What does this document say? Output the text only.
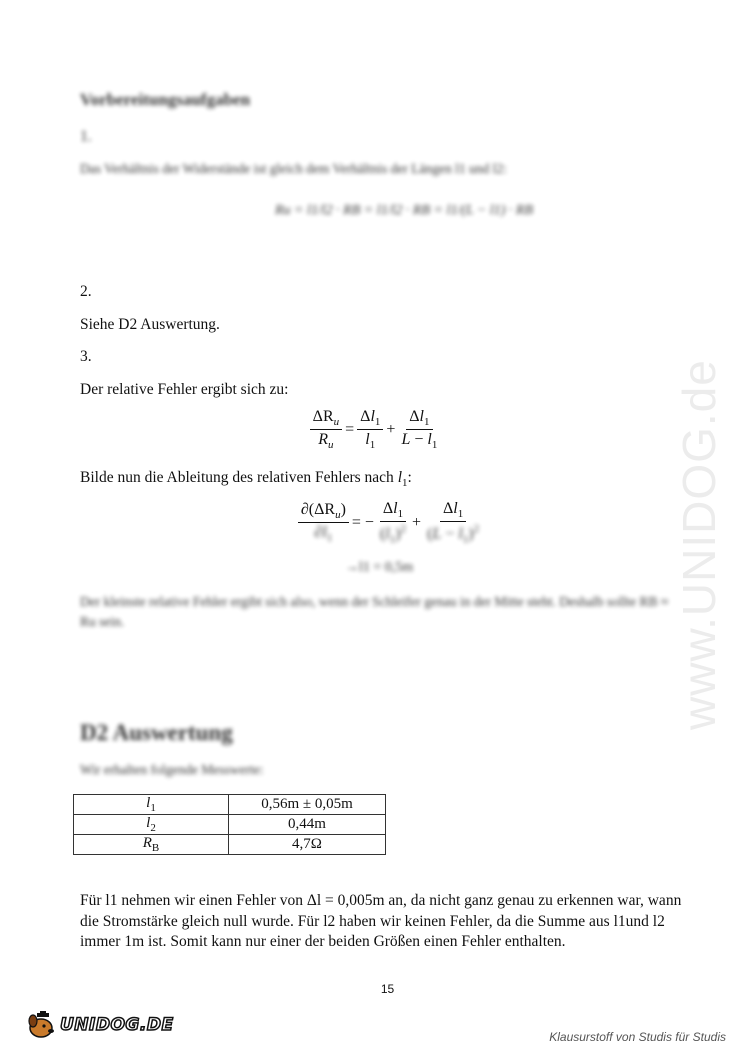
www.UNIDOG.de
Vorbereitungsaufgaben
1.
Das Verhältnis der Widerstände ist gleich dem Verhältnis der Längen l1 und l2:
Ru = l1/l2 · RB = l1/l2 · RB = l1/(L − l1) · RB
2.
Siehe D2 Auswertung.
3.
Der relative Fehler ergibt sich zu:
$\frac{\Delta R_u}{R_u} = \frac{\Delta l_1}{l_1} + \frac{\Delta l_1}{L - l_1}$
Bilde nun die Ableitung des relativen Fehlers nach $l_1$:
$\frac{\partial(\Delta R_u)}{\partial l_1}$ = − $\frac{\Delta l_1}{(l_1)^2} + \frac{\Delta l_1}{(L - l_1)^2}$
→l1 = 0,5m
Der kleinste relative Fehler ergibt sich also, wenn der Schleifer genau in der Mitte steht. Deshalb sollte RB ≈ Ru sein.
D2 Auswertung
Wir erhalten folgende Messwerte:
$l_1$	0,56m ± 0,05m
$l_2$	0,44m
$R_B$	4,7Ω
Für l1 nehmen wir einen Fehler von Δl = 0,005m an, da nicht ganz genau zu erkennen war, wann die Stromstärke gleich null wurde. Für l2 haben wir keinen Fehler, da die Summe aus l1und l2 immer 1m ist. Somit kann nur einer der beiden Größen einen Fehler enthalten.
15
UNIDOG.DE
Klausurstoff von Studis für Studis
